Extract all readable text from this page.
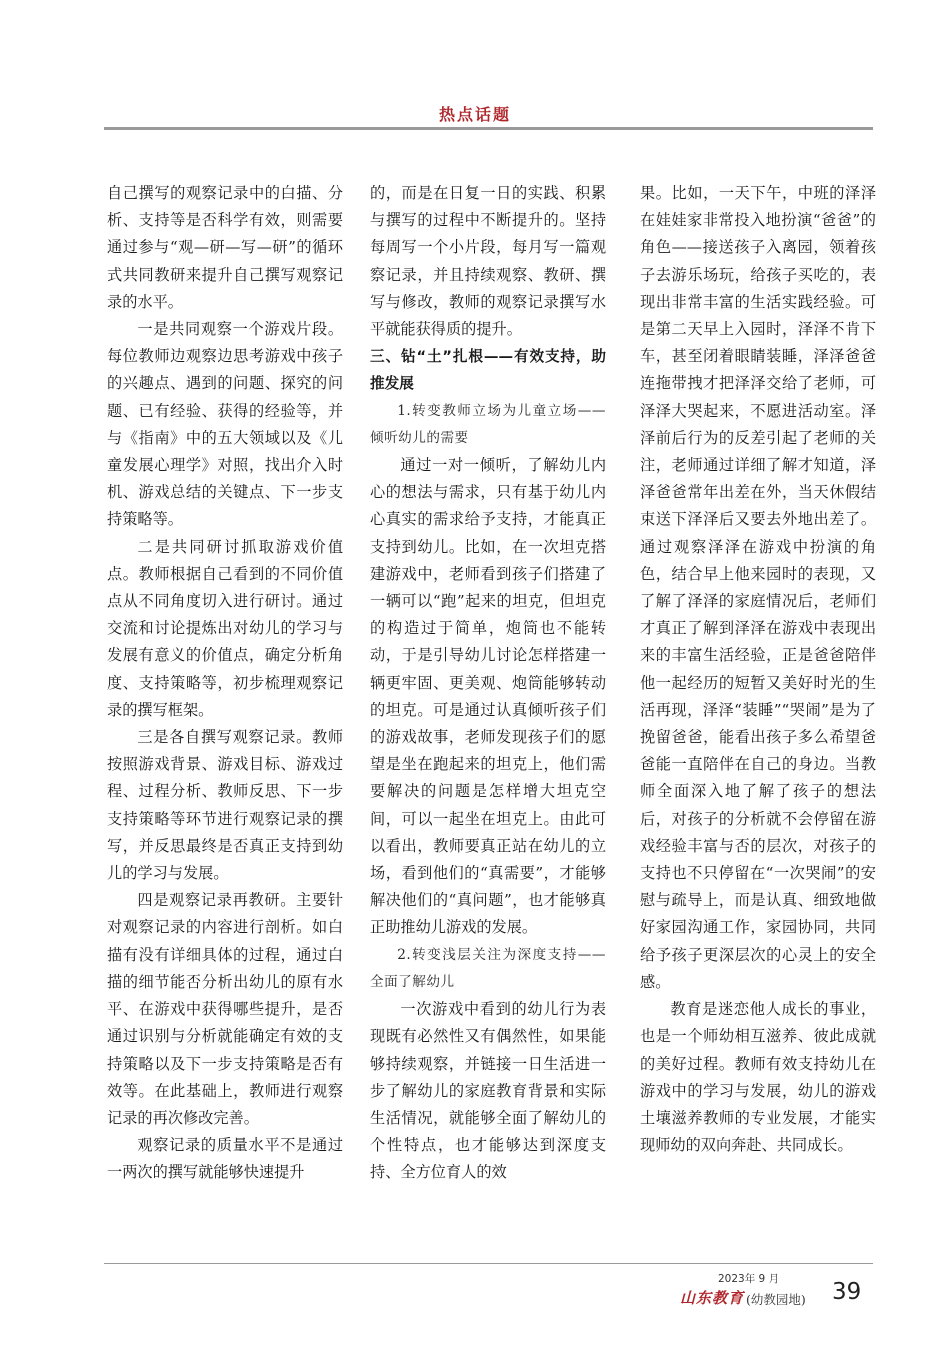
热点话题

自己撰写的观察记录中的白描、分析、支持等是否科学有效，则需要通过参与“观—研—写—研”的循环式共同教研来提升自己撰写观察记录的水平。

一是共同观察一个游戏片段。每位教师边观察边思考游戏中孩子的兴趣点、遇到的问题、探究的问题、已有经验、获得的经验等，并与《指南》中的五大领域以及《儿童发展心理学》对照，找出介入时机、游戏总结的关键点、下一步支持策略等。

二是共同研讨抓取游戏价值点。教师根据自己看到的不同价值点从不同角度切入进行研讨。通过交流和讨论提炼出对幼儿的学习与发展有意义的价值点，确定分析角度、支持策略等，初步梳理观察记录的撰写框架。

三是各自撰写观察记录。教师按照游戏背景、游戏目标、游戏过程、过程分析、教师反思、下一步支持策略等环节进行观察记录的撰写，并反思最终是否真正支持到幼儿的学习与发展。

四是观察记录再教研。主要针对观察记录的内容进行剖析。如白描有没有详细具体的过程，通过白描的细节能否分析出幼儿的原有水平、在游戏中获得哪些提升，是否通过识别与分析就能确定有效的支持策略以及下一步支持策略是否有效等。在此基础上，教师进行观察记录的再次修改完善。

观察记录的质量水平不是通过一两次的撰写就能够快速提升

的，而是在日复一日的实践、积累与撰写的过程中不断提升的。坚持每周写一个小片段，每月写一篇观察记录，并且持续观察、教研、撰写与修改，教师的观察记录撰写水平就能获得质的提升。

三、钻“土”扎根——有效支持，助推发展

1.转变教师立场为儿童立场——倾听幼儿的需要

通过一对一倾听，了解幼儿内心的想法与需求，只有基于幼儿内心真实的需求给予支持，才能真正支持到幼儿。比如，在一次坦克搭建游戏中，老师看到孩子们搭建了一辆可以“跑”起来的坦克，但坦克的构造过于简单，炮筒也不能转动，于是引导幼儿讨论怎样搭建一辆更牢固、更美观、炮筒能够转动的坦克。可是通过认真倾听孩子们的游戏故事，老师发现孩子们的愿望是坐在跑起来的坦克上，他们需要解决的问题是怎样增大坦克空间，可以一起坐在坦克上。由此可以看出，教师要真正站在幼儿的立场，看到他们的“真需要”，才能够解决他们的“真问题”，也才能够真正助推幼儿游戏的发展。

2.转变浅层关注为深度支持——全面了解幼儿

一次游戏中看到的幼儿行为表现既有必然性又有偶然性，如果能够持续观察，并链接一日生活进一步了解幼儿的家庭教育背景和实际生活情况，就能够全面了解幼儿的个性特点，也才能够达到深度支持、全方位育人的效

果。比如，一天下午，中班的泽泽在娃娃家非常投入地扮演“爸爸”的角色——接送孩子入离园，领着孩子去游乐场玩，给孩子买吃的，表现出非常丰富的生活实践经验。可是第二天早上入园时，泽泽不肯下车，甚至闭着眼睛装睡，泽泽爸爸连拖带拽才把泽泽交给了老师，可泽泽大哭起来，不愿进活动室。泽泽前后行为的反差引起了老师的关注，老师通过详细了解才知道，泽泽爸爸常年出差在外，当天休假结束送下泽泽后又要去外地出差了。通过观察泽泽在游戏中扮演的角色，结合早上他来园时的表现，又了解了泽泽的家庭情况后，老师们才真正了解到泽泽在游戏中表现出来的丰富生活经验，正是爸爸陪伴他一起经历的短暂又美好时光的生活再现，泽泽“装睡”“哭闹”是为了挽留爸爸，能看出孩子多么希望爸爸能一直陪伴在自己的身边。当教师全面深入地了解了孩子的想法后，对孩子的分析就不会停留在游戏经验丰富与否的层次，对孩子的支持也不只停留在“一次哭闹”的安慰与疏导上，而是认真、细致地做好家园沟通工作，家园协同，共同给予孩子更深层次的心灵上的安全感。

教育是迷恋他人成长的事业，也是一个师幼相互滋养、彼此成就的美好过程。教师有效支持幼儿在游戏中的学习与发展，幼儿的游戏土壤滋养教师的专业发展，才能实现师幼的双向奔赴、共同成长。

2023年 9 月
山东教育 (幼教园地) 39
